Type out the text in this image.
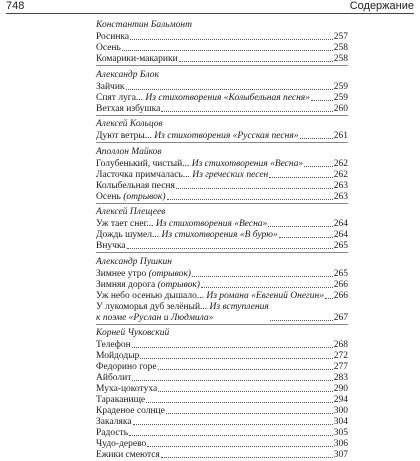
748	Содержание
Константин Бальмонт
Росинка	257
Осень	258
Комарики-макарики	258
Александр Блок
Зайчик	259
Спят луга... Из стихотворения «Колыбельная песня»	259
Ветхая избушка	260
Алексей Кольцов
Дуют ветры... Из стихотворения «Русская песня»	261
Аполлон Майков
Голубенький, чистый... Из стихотворения «Весна»	262
Ласточка примчалась... Из греческих песен	262
Колыбельная песня	263
Осень (отрывок)	263
Алексей Плещеев
Уж тает снег... Из стихотворения «Весна»	264
Дождь шумел... Из стихотворения «В бурю»	264
Внучка	265
Александр Пушкин
Зимнее утро (отрывок)	265
Зимняя дорога (отрывок)	266
Уж небо осенью дышало... Из романа «Евгений Онегин» 266
У лукоморья дуб зелёный... Из вступления
к поэме «Руслан и Людмила»	267
Корней Чуковский
Телефон	268
Мойдодыр	272
Федорино горе	277
Айболит	283
Муха-цокотуха	290
Тараканище	294
Краденое солнце	300
Закаляка	304
Радость	305
Чудо-дерево	306
Ёжики смеются	307
